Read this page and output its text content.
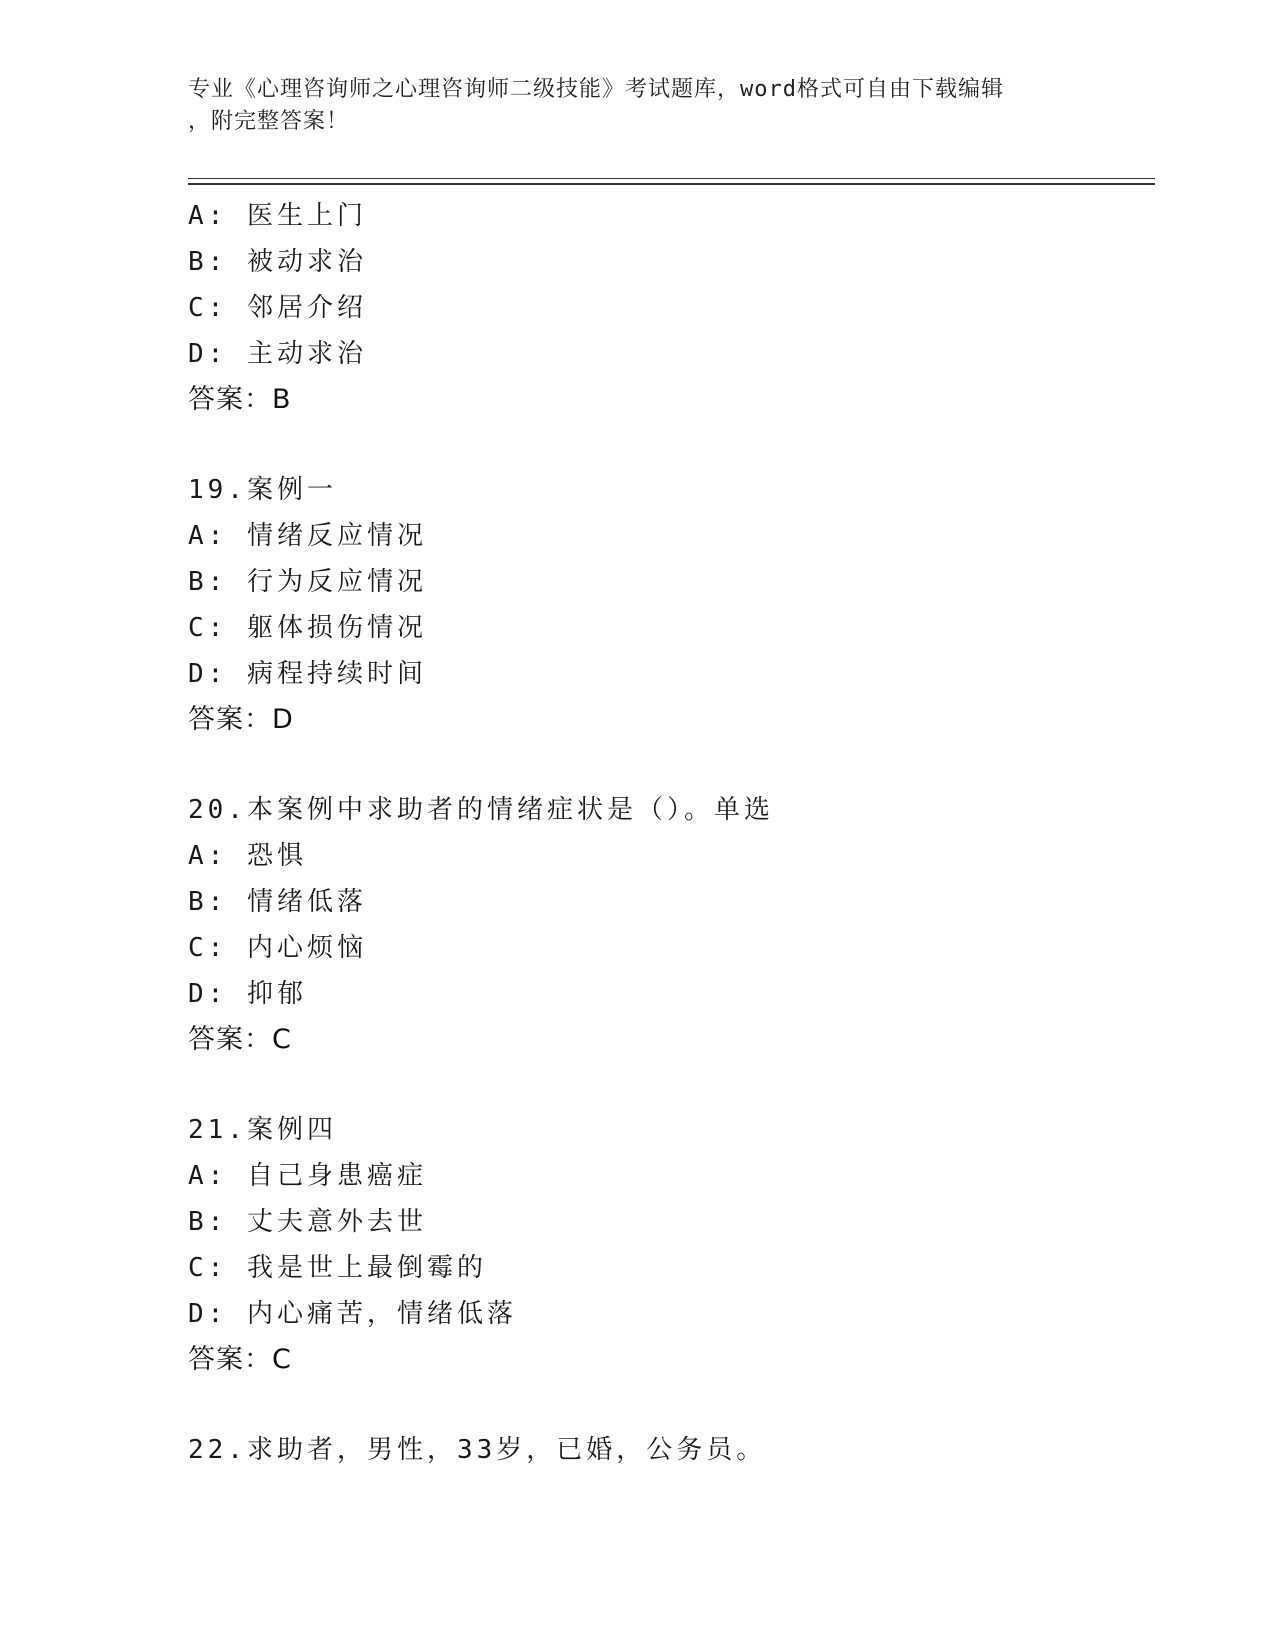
专业《心理咨询师之心理咨询师二级技能》考试题库，word格式可自由下载编辑
，附完整答案！
A: 医生上门
B: 被动求治
C: 邻居介绍
D: 主动求治
答案：B
19.案例一
A: 情绪反应情况
B: 行为反应情况
C: 躯体损伤情况
D: 病程持续时间
答案：D
20.本案例中求助者的情绪症状是（）。单选
A: 恐惧
B: 情绪低落
C: 内心烦恼
D: 抑郁
答案：C
21.案例四
A: 自己身患癌症
B: 丈夫意外去世
C: 我是世上最倒霉的
D: 内心痛苦，情绪低落
答案：C
22.求助者，男性，33岁，已婚，公务员。
